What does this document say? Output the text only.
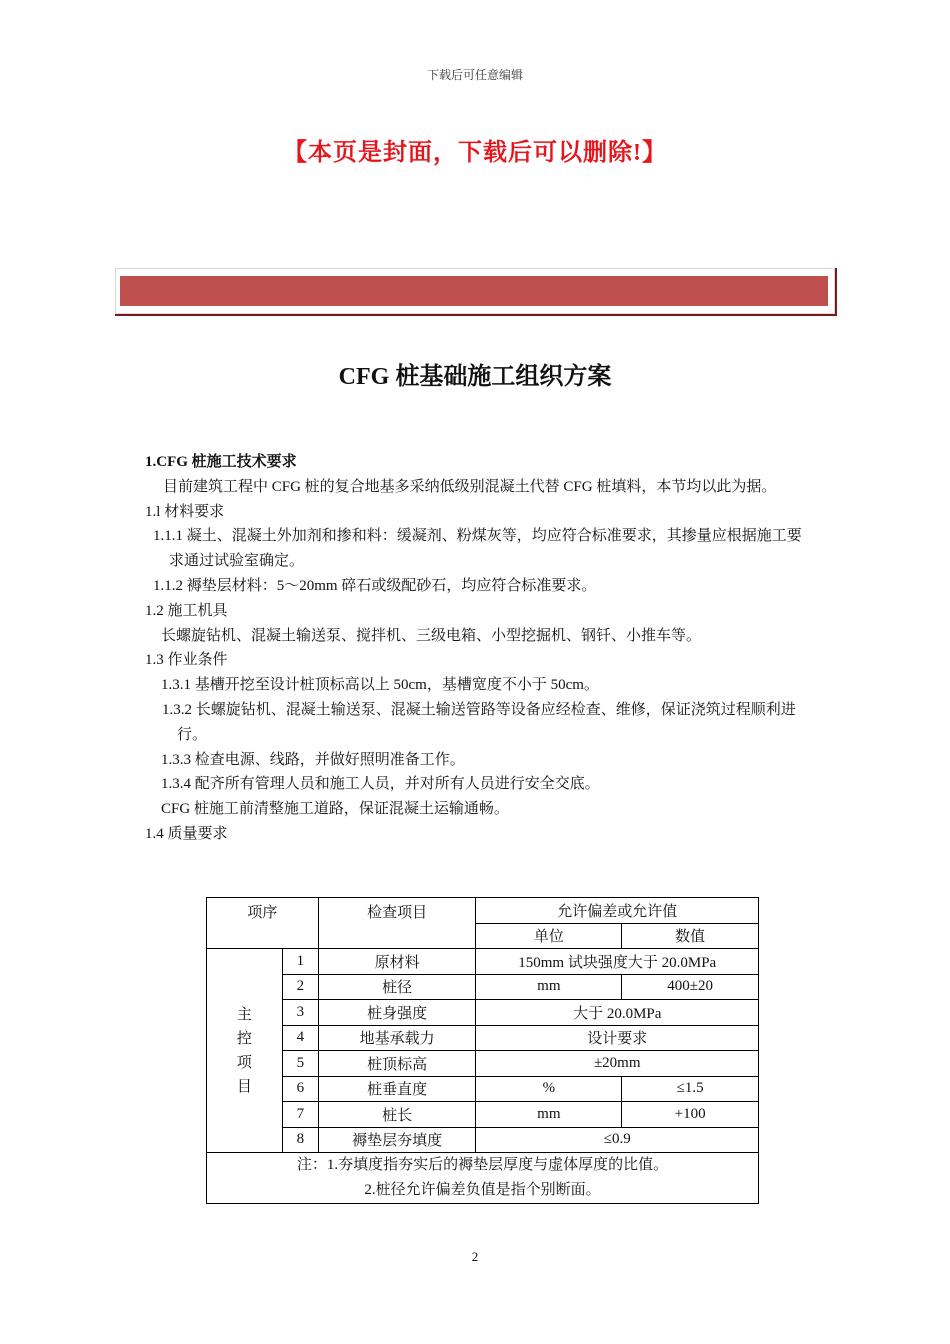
下载后可任意编辑
【本页是封面，下载后可以删除!】
CFG 桩基础施工组织方案

1.CFG 桩施工技术要求

目前建筑工程中 CFG 桩的复合地基多采纳低级别混凝土代替 CFG 桩填料，本节均以此为据。

1.l 材料要求

1.1.1 凝土、混凝土外加剂和掺和料：缓凝剂、粉煤灰等，均应符合标准要求，其掺量应根据施工要求通过试验室确定。

1.1.2 褥垫层材料：5～20mm 碎石或级配砂石，均应符合标准要求。

1.2 施工机具

长螺旋钻机、混凝土输送泵、搅拌机、三级电箱、小型挖掘机、钢钎、小推车等。

1.3 作业条件

1.3.1 基槽开挖至设计桩顶标高以上 50cm，基槽宽度不小于 50cm。

1.3.2 长螺旋钻机、混凝土输送泵、混凝土输送管路等设备应经检查、维修，保证浇筑过程顺利进行。

1.3.3 检查电源、线路，并做好照明准备工作。

1.3.4 配齐所有管理人员和施工人员，并对所有人员进行安全交底。

CFG 桩施工前清整施工道路，保证混凝土运输通畅。

1.4 质量要求

项序		检查项目	允许偏差或允许值	
			单位	数值

主
控
项
目	1	原材料	150mm 试块强度大于 20.0MPa	
	2	桩径	mm	400±20
	3	桩身强度	大于 20.0MPa	
	4	地基承载力	设计要求	
	5	桩顶标高	±20mm	
	6	桩垂直度	%	≤1.5
	7	桩长	mm	+100
	8	褥垫层夯填度	≤0.9	

注：1.夯填度指夯实后的褥垫层厚度与虚体厚度的比值。
2.桩径允许偏差负值是指个别断面。				
2
